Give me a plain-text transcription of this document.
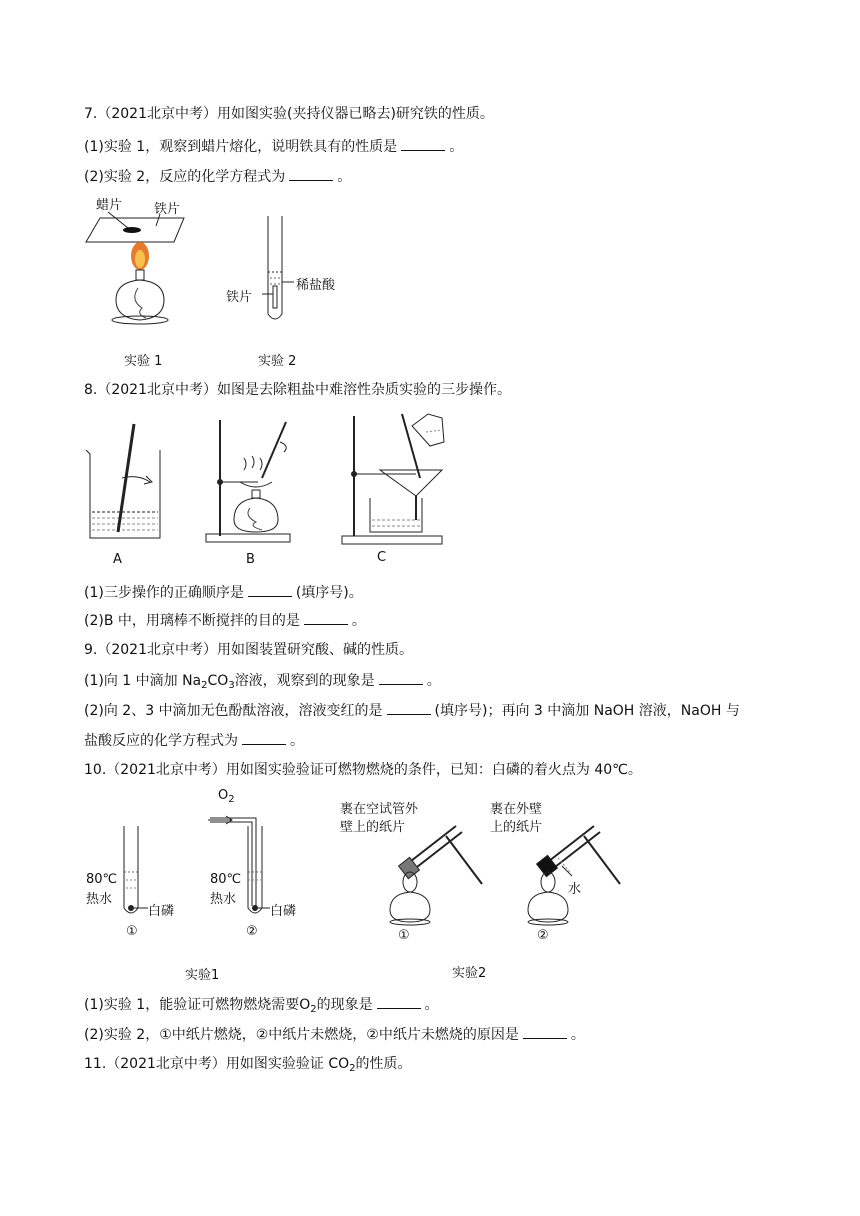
7.（2021北京中考）用如图实验(夹持仪器已略去)研究铁的性质。
(1)实验 1，观察到蜡片熔化，说明铁具有的性质是	。
(2)实验 2，反应的化学方程式为	。
蜡片 铁片
实验 1
稀盐酸
铁片
实验 2
8.（2021北京中考）如图是去除粗盐中难溶性杂质实验的三步操作。
A	B	C
(1)三步操作的正确顺序是	(填序号)。
(2)B 中，用璃棒不断搅拌的目的是	。
9.（2021北京中考）用如图装置研究酸、碱的性质。
(1)向 1 中滴加 $Na_2CO_3$溶液，观察到的现象是	。
(2)向 2、3 中滴加无色酚酞溶液，溶液变红的是	(填序号)；再向 3 中滴加 NaOH 溶液，NaOH 与
盐酸反应的化学方程式为	。
10.（2021北京中考）用如图实验验证可燃物燃烧的条件，已知：白磷的着火点为 40℃。
80℃
热水
白磷
①
$O_2$
80℃
热水
白磷
②
实验1
裹在空试管外
壁上的纸片
①
裹在外壁
上的纸片
水
②
实验2
(1)实验 1，能验证可燃物燃烧需要$O_2$的现象是	。
(2)实验 2，①中纸片燃烧，②中纸片未燃烧，②中纸片未燃烧的原因是	。
11.（2021北京中考）用如图实验验证 $CO_2$的性质。
